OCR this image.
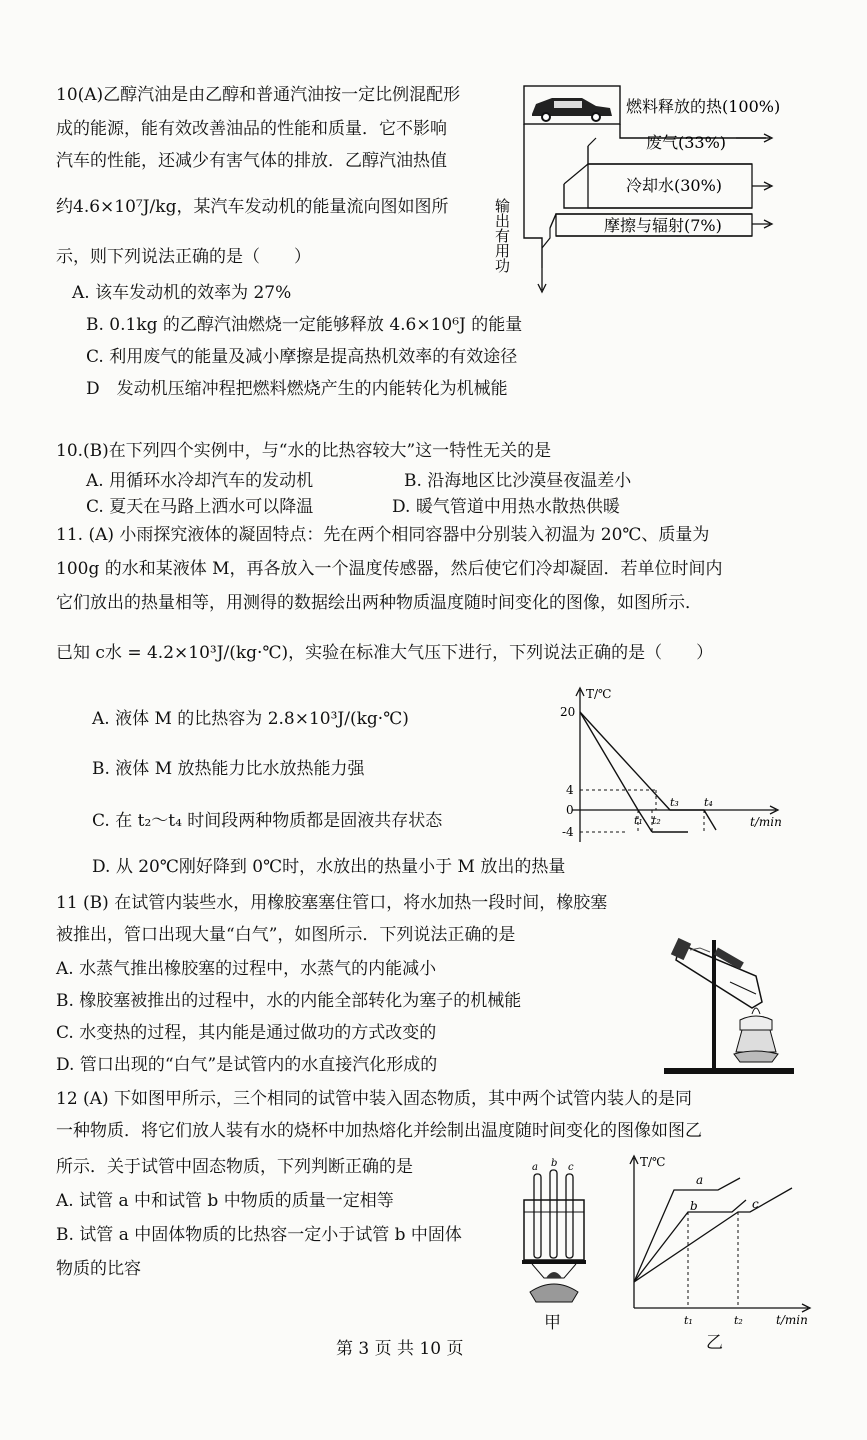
10(A)乙醇汽油是由乙醇和普通汽油按一定比例混配形
成的能源，能有效改善油品的性能和质量．它不影响
汽车的性能，还减少有害气体的排放．乙醇汽油热值
约4.6×10⁷J/kg，某汽车发动机的能量流向图如图所
示，则下列说法正确的是（　　）
A. 该车发动机的效率为 27%
B. 0.1kg 的乙醇汽油燃烧一定能够释放 4.6×10⁶J 的能量
C. 利用废气的能量及减小摩擦是提高热机效率的有效途径
D　发动机压缩冲程把燃料燃烧产生的内能转化为机械能
燃料释放的热(100%)
废气(33%)
冷却水(30%)
摩擦与辐射(7%)
输出有用功
10.(B)在下列四个实例中，与“水的比热容较大”这一特性无关的是
A. 用循环水冷却汽车的发动机	B. 沿海地区比沙漠昼夜温差小
C. 夏天在马路上洒水可以降温	D. 暖气管道中用热水散热供暖
11. (A) 小雨探究液体的凝固特点：先在两个相同容器中分别装入初温为 20℃、质量为
100g 的水和某液体 M，再各放入一个温度传感器，然后使它们冷却凝固．若单位时间内
它们放出的热量相等，用测得的数据绘出两种物质温度随时间变化的图像，如图所示．
已知 c水 = 4.2×10³J/(kg·℃)，实验在标准大气压下进行，下列说法正确的是（　　）
A. 液体 M 的比热容为 2.8×10³J/(kg·℃)
B. 液体 M 放热能力比水放热能力强
C. 在 t₂～t₄ 时间段两种物质都是固液共存状态
D. 从 20℃刚好降到 0℃时，水放出的热量小于 M 放出的热量
T/℃
t/min
20
4
0
-4
t₁ t₂
t₃ t₄
11 (B) 在试管内装些水，用橡胶塞塞住管口，将水加热一段时间，橡胶塞
被推出，管口出现大量“白气”，如图所示．下列说法正确的是
A. 水蒸气推出橡胶塞的过程中，水蒸气的内能减小
B. 橡胶塞被推出的过程中，水的内能全部转化为塞子的机械能
C. 水变热的过程，其内能是通过做功的方式改变的
D. 管口出现的“白气”是试管内的水直接汽化形成的
12 (A) 下如图甲所示，三个相同的试管中装入固态物质，其中两个试管内装人的是同
一种物质．将它们放人装有水的烧杯中加热熔化并绘制出温度随时间变化的图像如图乙
所示．关于试管中固态物质，下列判断正确的是
A. 试管 a 中和试管 b 中物质的质量一定相等
B. 试管 a 中固体物质的比热容一定小于试管 b 中固体
物质的比容
a b c
甲
T/℃
t/min
a
b	c
t₁	t₂
乙
第 3 页 共 10 页
